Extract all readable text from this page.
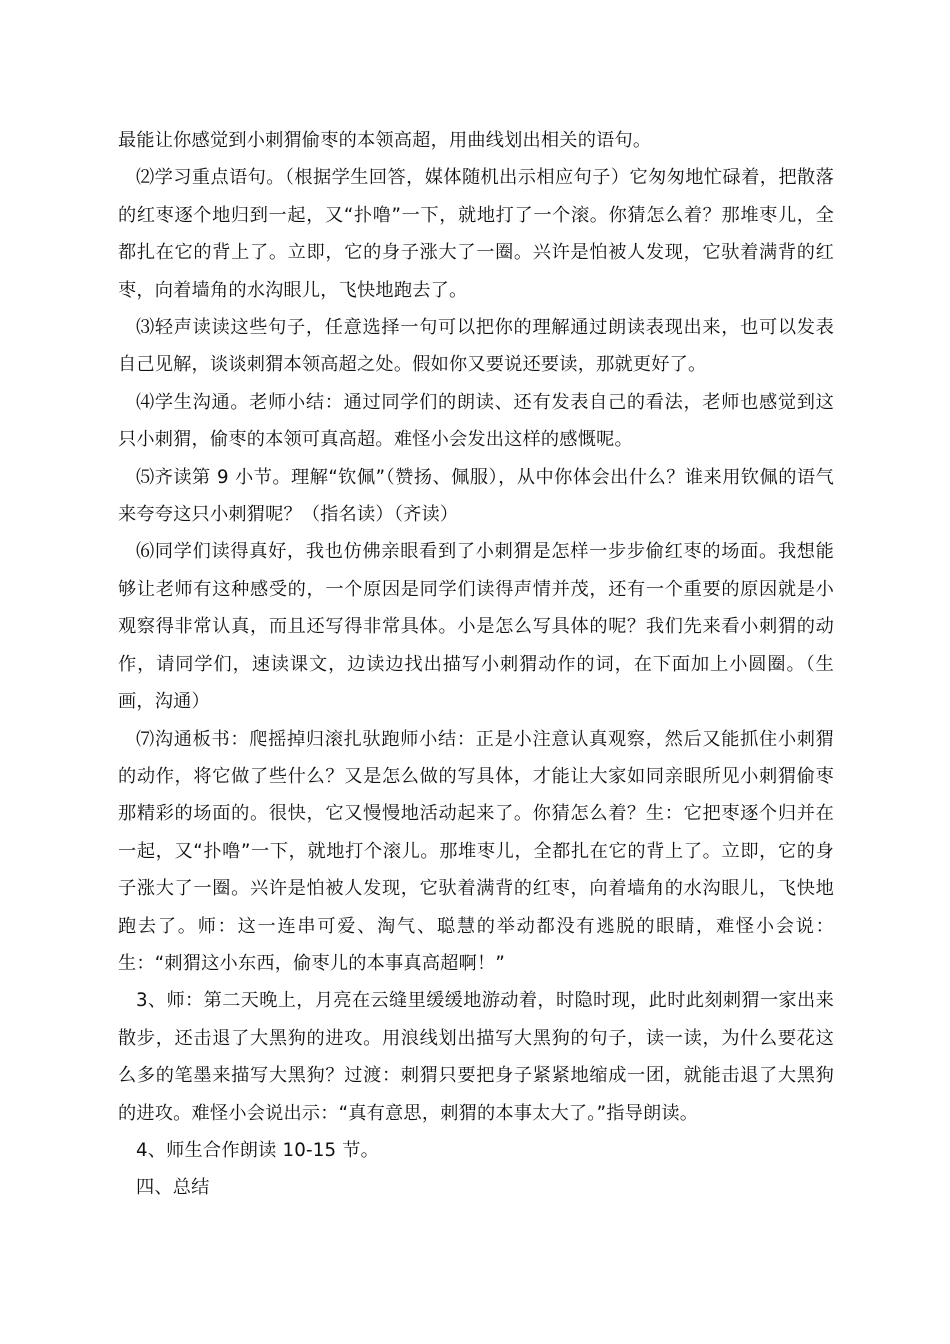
最能让你感觉到小刺猬偷枣的本领高超，用曲线划出相关的语句。

⑵学习重点语句。（根据学生回答，媒体随机出示相应句子）它匆匆地忙碌着，把散落的红枣逐个地归到一起，又“扑噜”一下，就地打了一个滚。你猜怎么着？那堆枣儿，全都扎在它的背上了。立即，它的身子涨大了一圈。兴许是怕被人发现，它驮着满背的红枣，向着墙角的水沟眼儿，飞快地跑去了。

⑶轻声读读这些句子，任意选择一句可以把你的理解通过朗读表现出来，也可以发表自己见解，谈谈刺猬本领高超之处。假如你又要说还要读，那就更好了。

⑷学生沟通。老师小结：通过同学们的朗读、还有发表自己的看法，老师也感觉到这只小刺猬，偷枣的本领可真高超。难怪小会发出这样的感慨呢。

⑸齐读第 9 小节。理解“钦佩”（赞扬、佩服），从中你体会出什么？谁来用钦佩的语气来夸夸这只小刺猬呢？（指名读）（齐读）

⑹同学们读得真好，我也仿佛亲眼看到了小刺猬是怎样一步步偷红枣的场面。我想能够让老师有这种感受的，一个原因是同学们读得声情并茂，还有一个重要的原因就是小观察得非常认真，而且还写得非常具体。小是怎么写具体的呢？我们先来看小刺猬的动作，请同学们，速读课文，边读边找出描写小刺猬动作的词，在下面加上小圆圈。（生画，沟通）

⑺沟通板书：爬摇掉归滚扎驮跑师小结：正是小注意认真观察，然后又能抓住小刺猬的动作，将它做了些什么？又是怎么做的写具体，才能让大家如同亲眼所见小刺猬偷枣那精彩的场面的。很快，它又慢慢地活动起来了。你猜怎么着？生：它把枣逐个归并在一起，又“扑噜”一下，就地打个滚儿。那堆枣儿，全都扎在它的背上了。立即，它的身子涨大了一圈。兴许是怕被人发现，它驮着满背的红枣，向着墙角的水沟眼儿，飞快地跑去了。师：这一连串可爱、淘气、聪慧的举动都没有逃脱的眼睛，难怪小会说：生：“刺猬这小东西，偷枣儿的本事真高超啊！”

3、师：第二天晚上，月亮在云缝里缓缓地游动着，时隐时现，此时此刻刺猬一家出来散步，还击退了大黑狗的进攻。用浪线划出描写大黑狗的句子，读一读，为什么要花这么多的笔墨来描写大黑狗？过渡：刺猬只要把身子紧紧地缩成一团，就能击退了大黑狗的进攻。难怪小会说出示：“真有意思，刺猬的本事太大了。”指导朗读。

4、师生合作朗读 10-15 节。

四、总结
